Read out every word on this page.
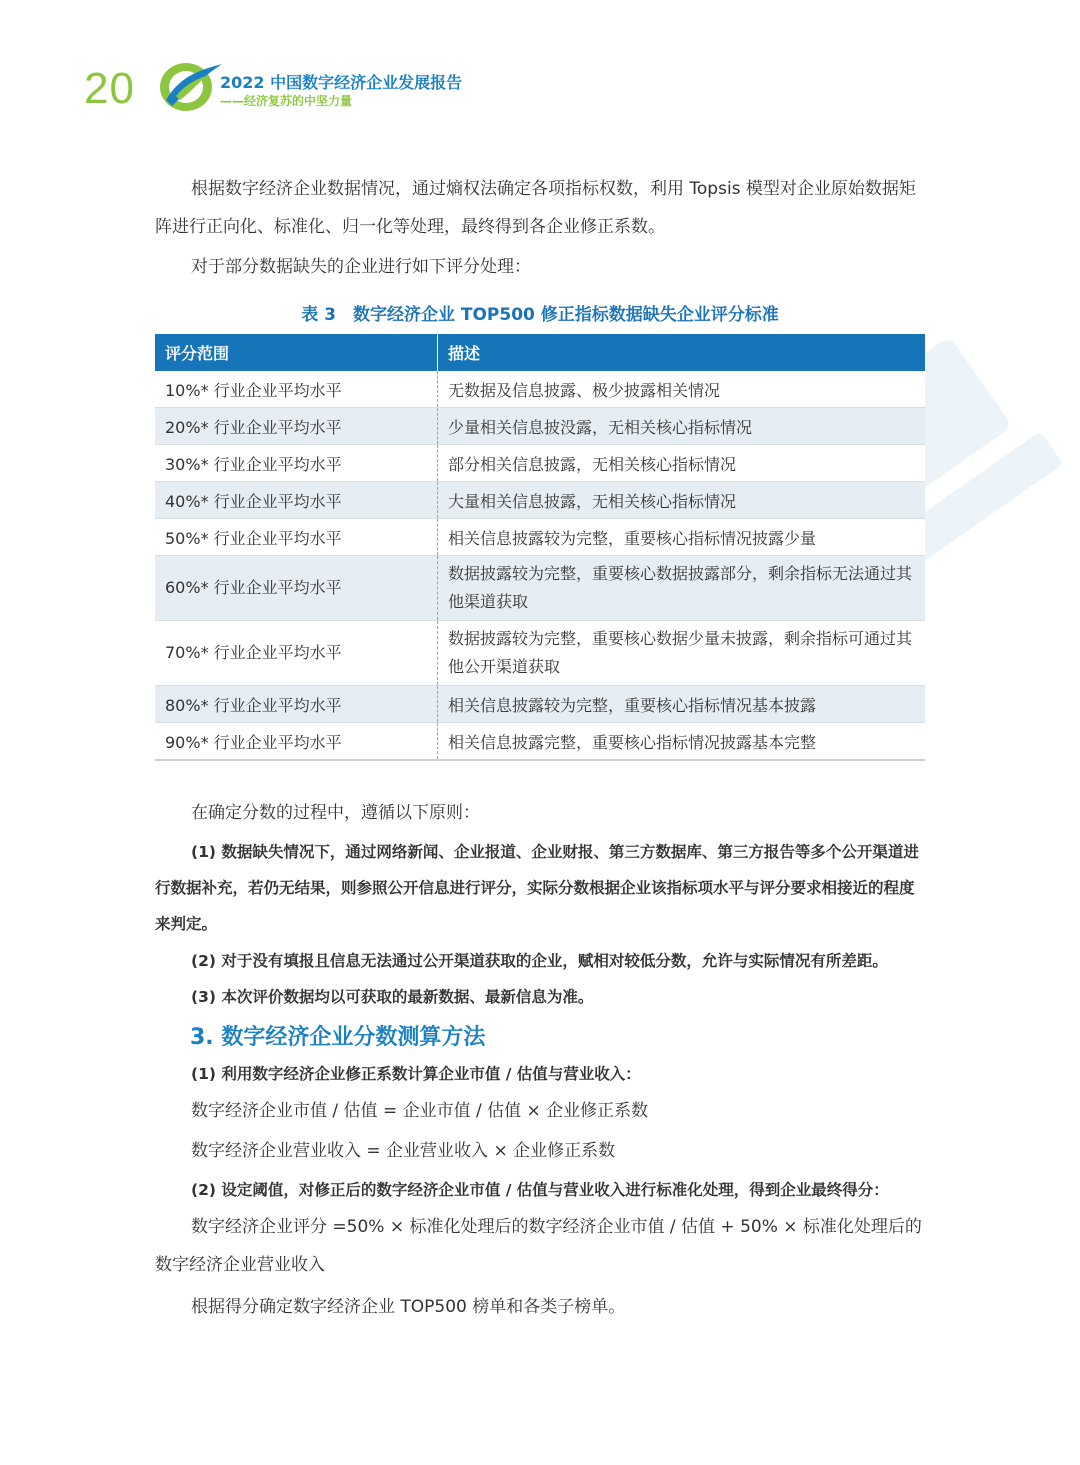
20	2022 中国数字经济企业发展报告
——经济复苏的中坚力量

根据数字经济企业数据情况，通过熵权法确定各项指标权数，利用 Topsis 模型对企业原始数据矩阵进行正向化、标准化、归一化等处理，最终得到各企业修正系数。

对于部分数据缺失的企业进行如下评分处理：

表 3　数字经济企业 TOP500 修正指标数据缺失企业评分标准
评分范围	描述
10%* 行业企业平均水平	无数据及信息披露、极少披露相关情况
20%* 行业企业平均水平	少量相关信息披没露，无相关核心指标情况
30%* 行业企业平均水平	部分相关信息披露，无相关核心指标情况
40%* 行业企业平均水平	大量相关信息披露，无相关核心指标情况
50%* 行业企业平均水平	相关信息披露较为完整，重要核心指标情况披露少量
60%* 行业企业平均水平	数据披露较为完整，重要核心数据披露部分，剩余指标无法通过其他渠道获取
70%* 行业企业平均水平	数据披露较为完整，重要核心数据少量未披露，剩余指标可通过其他公开渠道获取
80%* 行业企业平均水平	相关信息披露较为完整，重要核心指标情况基本披露
90%* 行业企业平均水平	相关信息披露完整，重要核心指标情况披露基本完整

在确定分数的过程中，遵循以下原则：

(1) 数据缺失情况下，通过网络新闻、企业报道、企业财报、第三方数据库、第三方报告等多个公开渠道进行数据补充，若仍无结果，则参照公开信息进行评分，实际分数根据企业该指标项水平与评分要求相接近的程度来判定。

(2) 对于没有填报且信息无法通过公开渠道获取的企业，赋相对较低分数，允许与实际情况有所差距。

(3) 本次评价数据均以可获取的最新数据、最新信息为准。

3. 数字经济企业分数测算方法

(1) 利用数字经济企业修正系数计算企业市值 / 估值与营业收入：

数字经济企业市值 / 估值 = 企业市值 / 估值 × 企业修正系数

数字经济企业营业收入 = 企业营业收入 × 企业修正系数

(2) 设定阈值，对修正后的数字经济企业市值 / 估值与营业收入进行标准化处理，得到企业最终得分：

数字经济企业评分 =50% × 标准化处理后的数字经济企业市值 / 估值 + 50% × 标准化处理后的数字经济企业营业收入

根据得分确定数字经济企业 TOP500 榜单和各类子榜单。
